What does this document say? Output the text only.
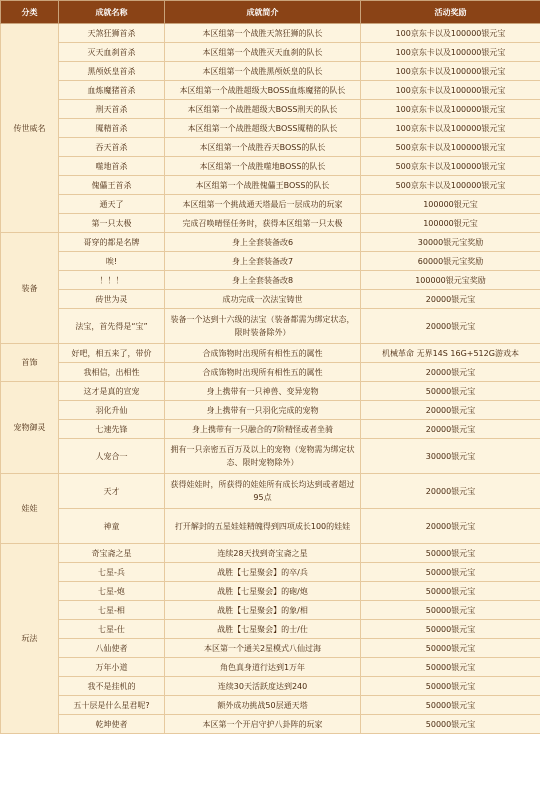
分类	成就名称	成就简介	活动奖励
传世威名	天煞狂狮首杀	本区组第一个战胜天煞狂狮的队长	100京东卡以及100000银元宝
	灭天血刹首杀	本区组第一个战胜灭天血刹的队长	100京东卡以及100000银元宝
	黑颅妖皇首杀	本区组第一个战胜黑颅妖皇的队长	100京东卡以及100000银元宝
	血炼魔猪首杀	本区组第一个战胜超级大BOSS血炼魔猪的队长	100京东卡以及100000银元宝
	刑天首杀	本区组第一个战胜超级大BOSS刑天的队长	100京东卡以及100000银元宝
	魇精首杀	本区组第一个战胜超级大BOSS魇精的队长	100京东卡以及100000银元宝
	吞天首杀	本区组第一个战胜吞天BOSS的队长	500京东卡以及100000银元宝
	噬地首杀	本区组第一个战胜噬地BOSS的队长	500京东卡以及100000银元宝
	傀儡王首杀	本区组第一个战胜傀儡王BOSS的队长	500京东卡以及100000银元宝
	通天了	本区组第一个挑战通天塔最后一层成功的玩家	100000银元宝
	第一只太极	完成召唤晴怪任务时，获得本区组第一只太极	100000银元宝
装备	哥穿的都是名牌	身上全套装备改6	30000银元宝奖励
	唉!	身上全套装备改7	60000银元宝奖励
	！！！	身上全套装备改8	100000银元宝奖励
	砖世为灵	成功完成一次法宝铸世	20000银元宝
	法宝，首先得是“宝”	装备一个达到十六级的法宝（装备都需为绑定状态，限时装备除外）	20000银元宝
首饰	好吧，相五来了，带价	合成饰物时出现所有相性五的属性	机械革命 无界14S 16G+512G游戏本
	我相信，出相性	合成饰物时出现所有相性五的属性	20000银元宝
宠物御灵	这才是真的宣宠	身上携带有一只神兽、变异宠物	50000银元宝
	羽化升仙	身上携带有一只羽化完成的宠物	20000银元宝
	七速先锋	身上携带有一只融合的7阶精怪或者坐骑	20000银元宝
	人宠合一	拥有一只亲密五百万及以上的宠物（宠物需为绑定状态、限时宠物除外）	30000银元宝
娃娃	天才	获得娃娃时，所获得的娃娃所有成长均达到或者超过95点	20000银元宝
	神童	打开解封的五星娃娃精魄得到四项成长100的娃娃	20000银元宝
玩法	奇宝斋之星	连续28天找到奇宝斋之星	50000银元宝
	七星-兵	战胜【七星聚会】的卒/兵	50000银元宝
	七星-炮	战胜【七星聚会】的砲/炮	50000银元宝
	七星-相	战胜【七星聚会】的象/相	50000银元宝
	七星-仕	战胜【七星聚会】的士/仕	50000银元宝
	八仙使者	本区第一个通关2星模式八仙过海	50000银元宝
	万年小道	角色真身道行达到1万年	50000银元宝
	我不是挂机的	连续30天活跃度达到240	50000银元宝
	五十层是什么星君呢?	额外成功挑战50层通天塔	50000银元宝
	乾坤使者	本区第一个开启守护八卦阵的玩家	50000银元宝
